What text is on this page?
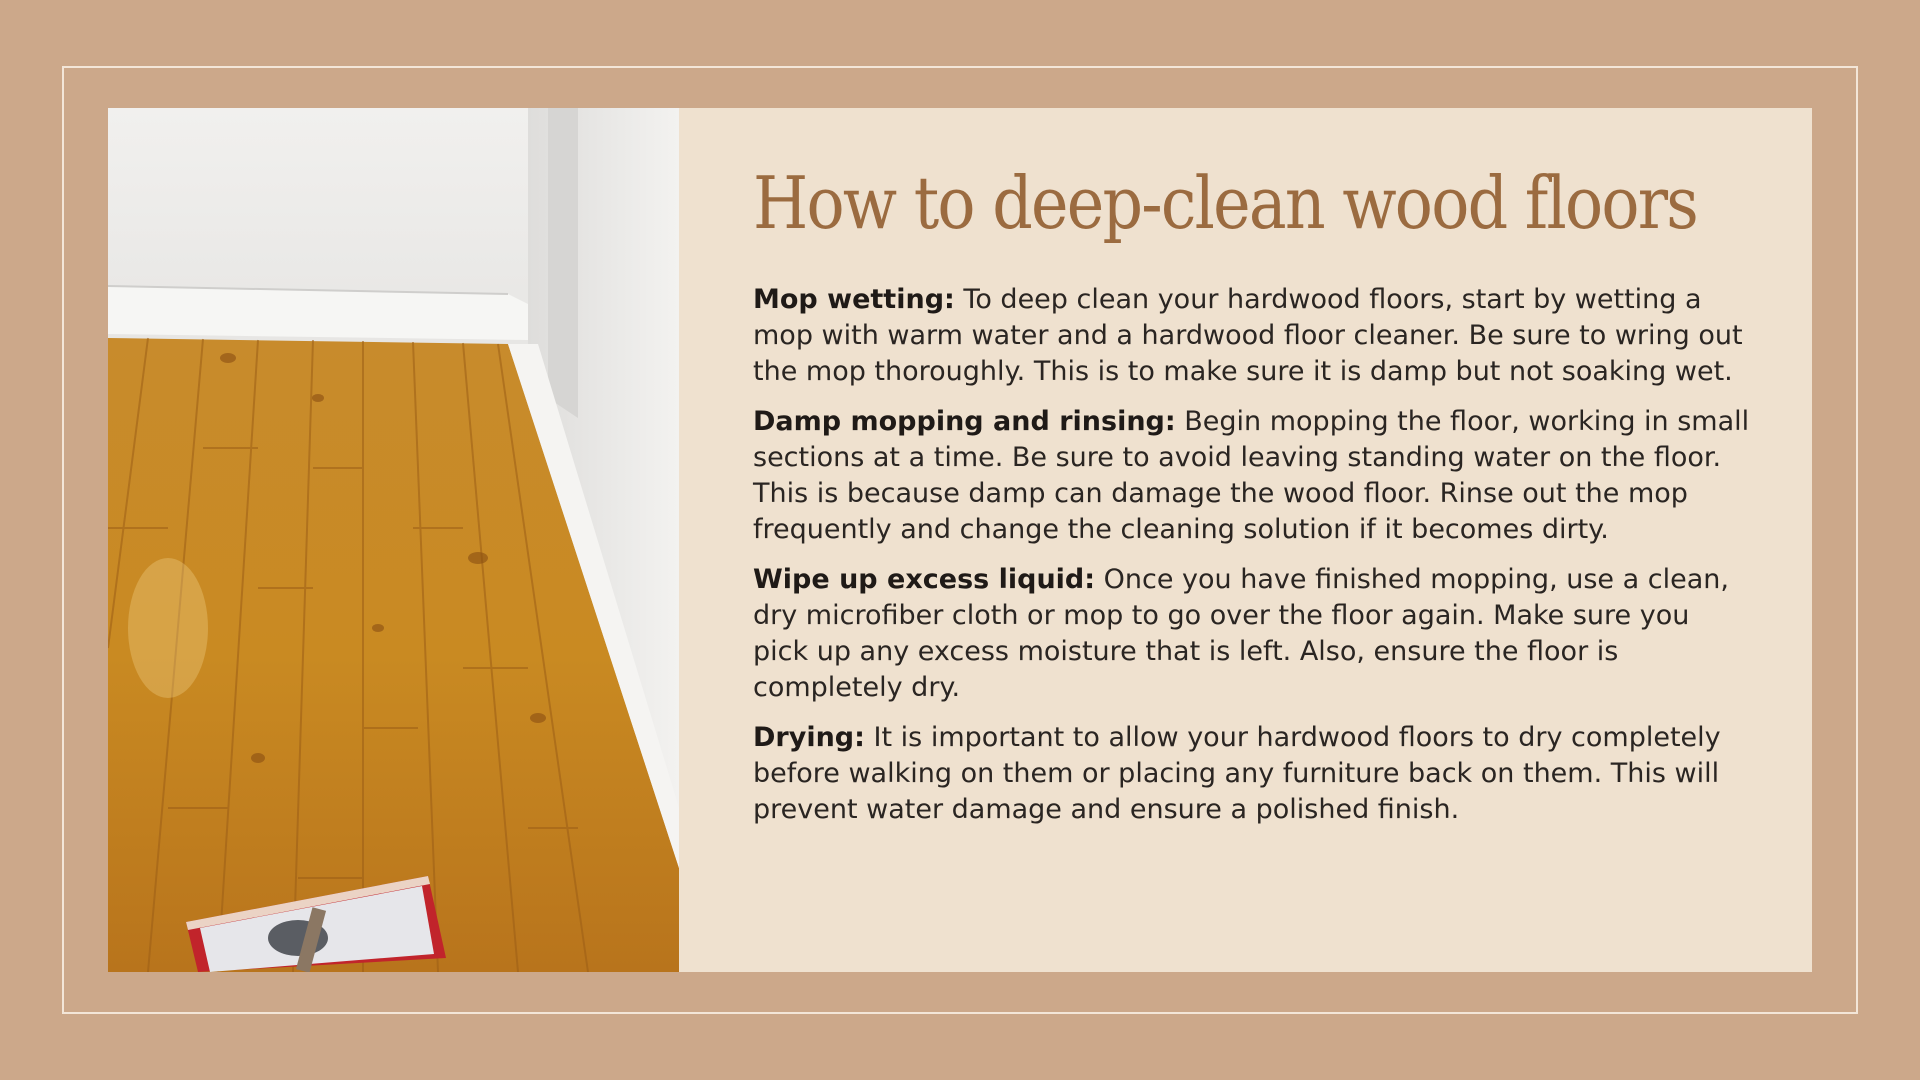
How to deep-clean wood floors

Mop wetting: To deep clean your hardwood floors, start by wetting a mop with warm water and a hardwood floor cleaner. Be sure to wring out the mop thoroughly. This is to make sure it is damp but not soaking wet.

Damp mopping and rinsing: Begin mopping the floor, working in small sections at a time. Be sure to avoid leaving standing water on the floor. This is because damp can damage the wood floor. Rinse out the mop frequently and change the cleaning solution if it becomes dirty.

Wipe up excess liquid: Once you have finished mopping, use a clean, dry microfiber cloth or mop to go over the floor again. Make sure you pick up any excess moisture that is left. Also, ensure the floor is completely dry.

Drying: It is important to allow your hardwood floors to dry completely before walking on them or placing any furniture back on them. This will prevent water damage and ensure a polished finish.
